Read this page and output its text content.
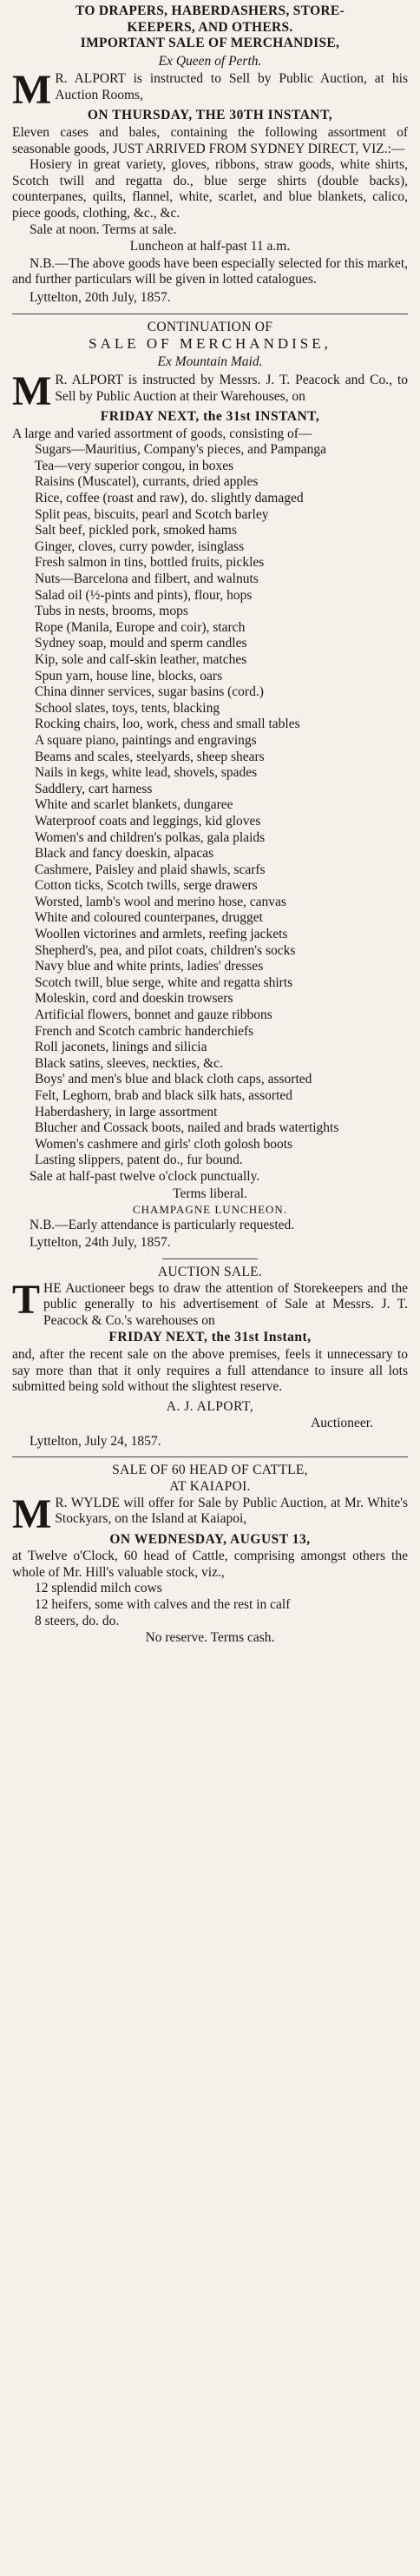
TO DRAPERS, HABERDASHERS, STORE-

KEEPERS, AND OTHERS.

IMPORTANT SALE OF MERCHANDISE,

Ex Queen of Perth.

M R. ALPORT is instructed to Sell by Public Auction, at his Auction Rooms,

ON THURSDAY, THE 30TH INSTANT,

Eleven cases and bales, containing the following assortment of seasonable goods, JUST ARRIVED FROM SYDNEY DIRECT, VIZ.:—

Hosiery in great variety, gloves, ribbons, straw goods, white shirts, Scotch twill and regatta do., blue serge shirts (double backs), counterpanes, quilts, flannel, white, scarlet, and blue blankets, calico, piece goods, clothing, &c., &c.

Sale at noon. Terms at sale.

Luncheon at half-past 11 a.m.

N.B.—The above goods have been especially selected for this market, and further particulars will be given in lotted catalogues.

Lyttelton, 20th July, 1857.

CONTINUATION OF

SALE OF MERCHANDISE,

Ex Mountain Maid.

M R. ALPORT is instructed by Messrs. J. T. Peacock and Co., to Sell by Public Auction at their Warehouses, on

FRIDAY NEXT, the 31st INSTANT,

A large and varied assortment of goods, consisting of—

Sugars—Mauritius, Company's pieces, and Pampanga

Tea—very superior congou, in boxes

Raisins (Muscatel), currants, dried apples

Rice, coffee (roast and raw), do. slightly damaged

Split peas, biscuits, pearl and Scotch barley

Salt beef, pickled pork, smoked hams

Ginger, cloves, curry powder, isinglass

Fresh salmon in tins, bottled fruits, pickles

Nuts—Barcelona and filbert, and walnuts

Salad oil (½-pints and pints), flour, hops

Tubs in nests, brooms, mops

Rope (Manila, Europe and coir), starch

Sydney soap, mould and sperm candles

Kip, sole and calf-skin leather, matches

Spun yarn, house line, blocks, oars

China dinner services, sugar basins (cord.)

School slates, toys, tents, blacking

Rocking chairs, loo, work, chess and small tables

A square piano, paintings and engravings

Beams and scales, steelyards, sheep shears

Nails in kegs, white lead, shovels, spades

Saddlery, cart harness

White and scarlet blankets, dungaree

Waterproof coats and leggings, kid gloves

Women's and children's polkas, gala plaids

Black and fancy doeskin, alpacas

Cashmere, Paisley and plaid shawls, scarfs

Cotton ticks, Scotch twills, serge drawers

Worsted, lamb's wool and merino hose, canvas

White and coloured counterpanes, drugget

Woollen victorines and armlets, reefing jackets

Shepherd's, pea, and pilot coats, children's socks

Navy blue and white prints, ladies' dresses

Scotch twill, blue serge, white and regatta shirts

Moleskin, cord and doeskin trowsers

Artificial flowers, bonnet and gauze ribbons

French and Scotch cambric handerchiefs

Roll jaconets, linings and silicia

Black satins, sleeves, neckties, &c.

Boys' and men's blue and black cloth caps, assorted

Felt, Leghorn, brab and black silk hats, assorted

Haberdashery, in large assortment

Blucher and Cossack boots, nailed and brads watertights

Women's cashmere and girls' cloth golosh boots

Lasting slippers, patent do., fur bound.

Sale at half-past twelve o'clock punctually.

Terms liberal.

CHAMPAGNE LUNCHEON.

N.B.—Early attendance is particularly requested.

Lyttelton, 24th July, 1857.

AUCTION SALE.

T HE Auctioneer begs to draw the attention of Storekeepers and the public generally to his advertisement of Sale at Messrs. J. T. Peacock & Co.'s warehouses on

FRIDAY NEXT, the 31st Instant,

and, after the recent sale on the above premises, feels it unnecessary to say more than that it only requires a full attendance to insure all lots submitted being sold without the slightest reserve.

A. J. ALPORT,

Auctioneer.

Lyttelton, July 24, 1857.

SALE OF 60 HEAD OF CATTLE,

AT KAIAPOI.

M R. WYLDE will offer for Sale by Public Auction, at Mr. White's Stockyars, on the Island at Kaiapoi,

ON WEDNESDAY, AUGUST 13,

at Twelve o'Clock, 60 head of Cattle, comprising amongst others the whole of Mr. Hill's valuable stock, viz.,

12 splendid milch cows

12 heifers, some with calves and the rest in calf

8 steers, do. do.

No reserve. Terms cash.
